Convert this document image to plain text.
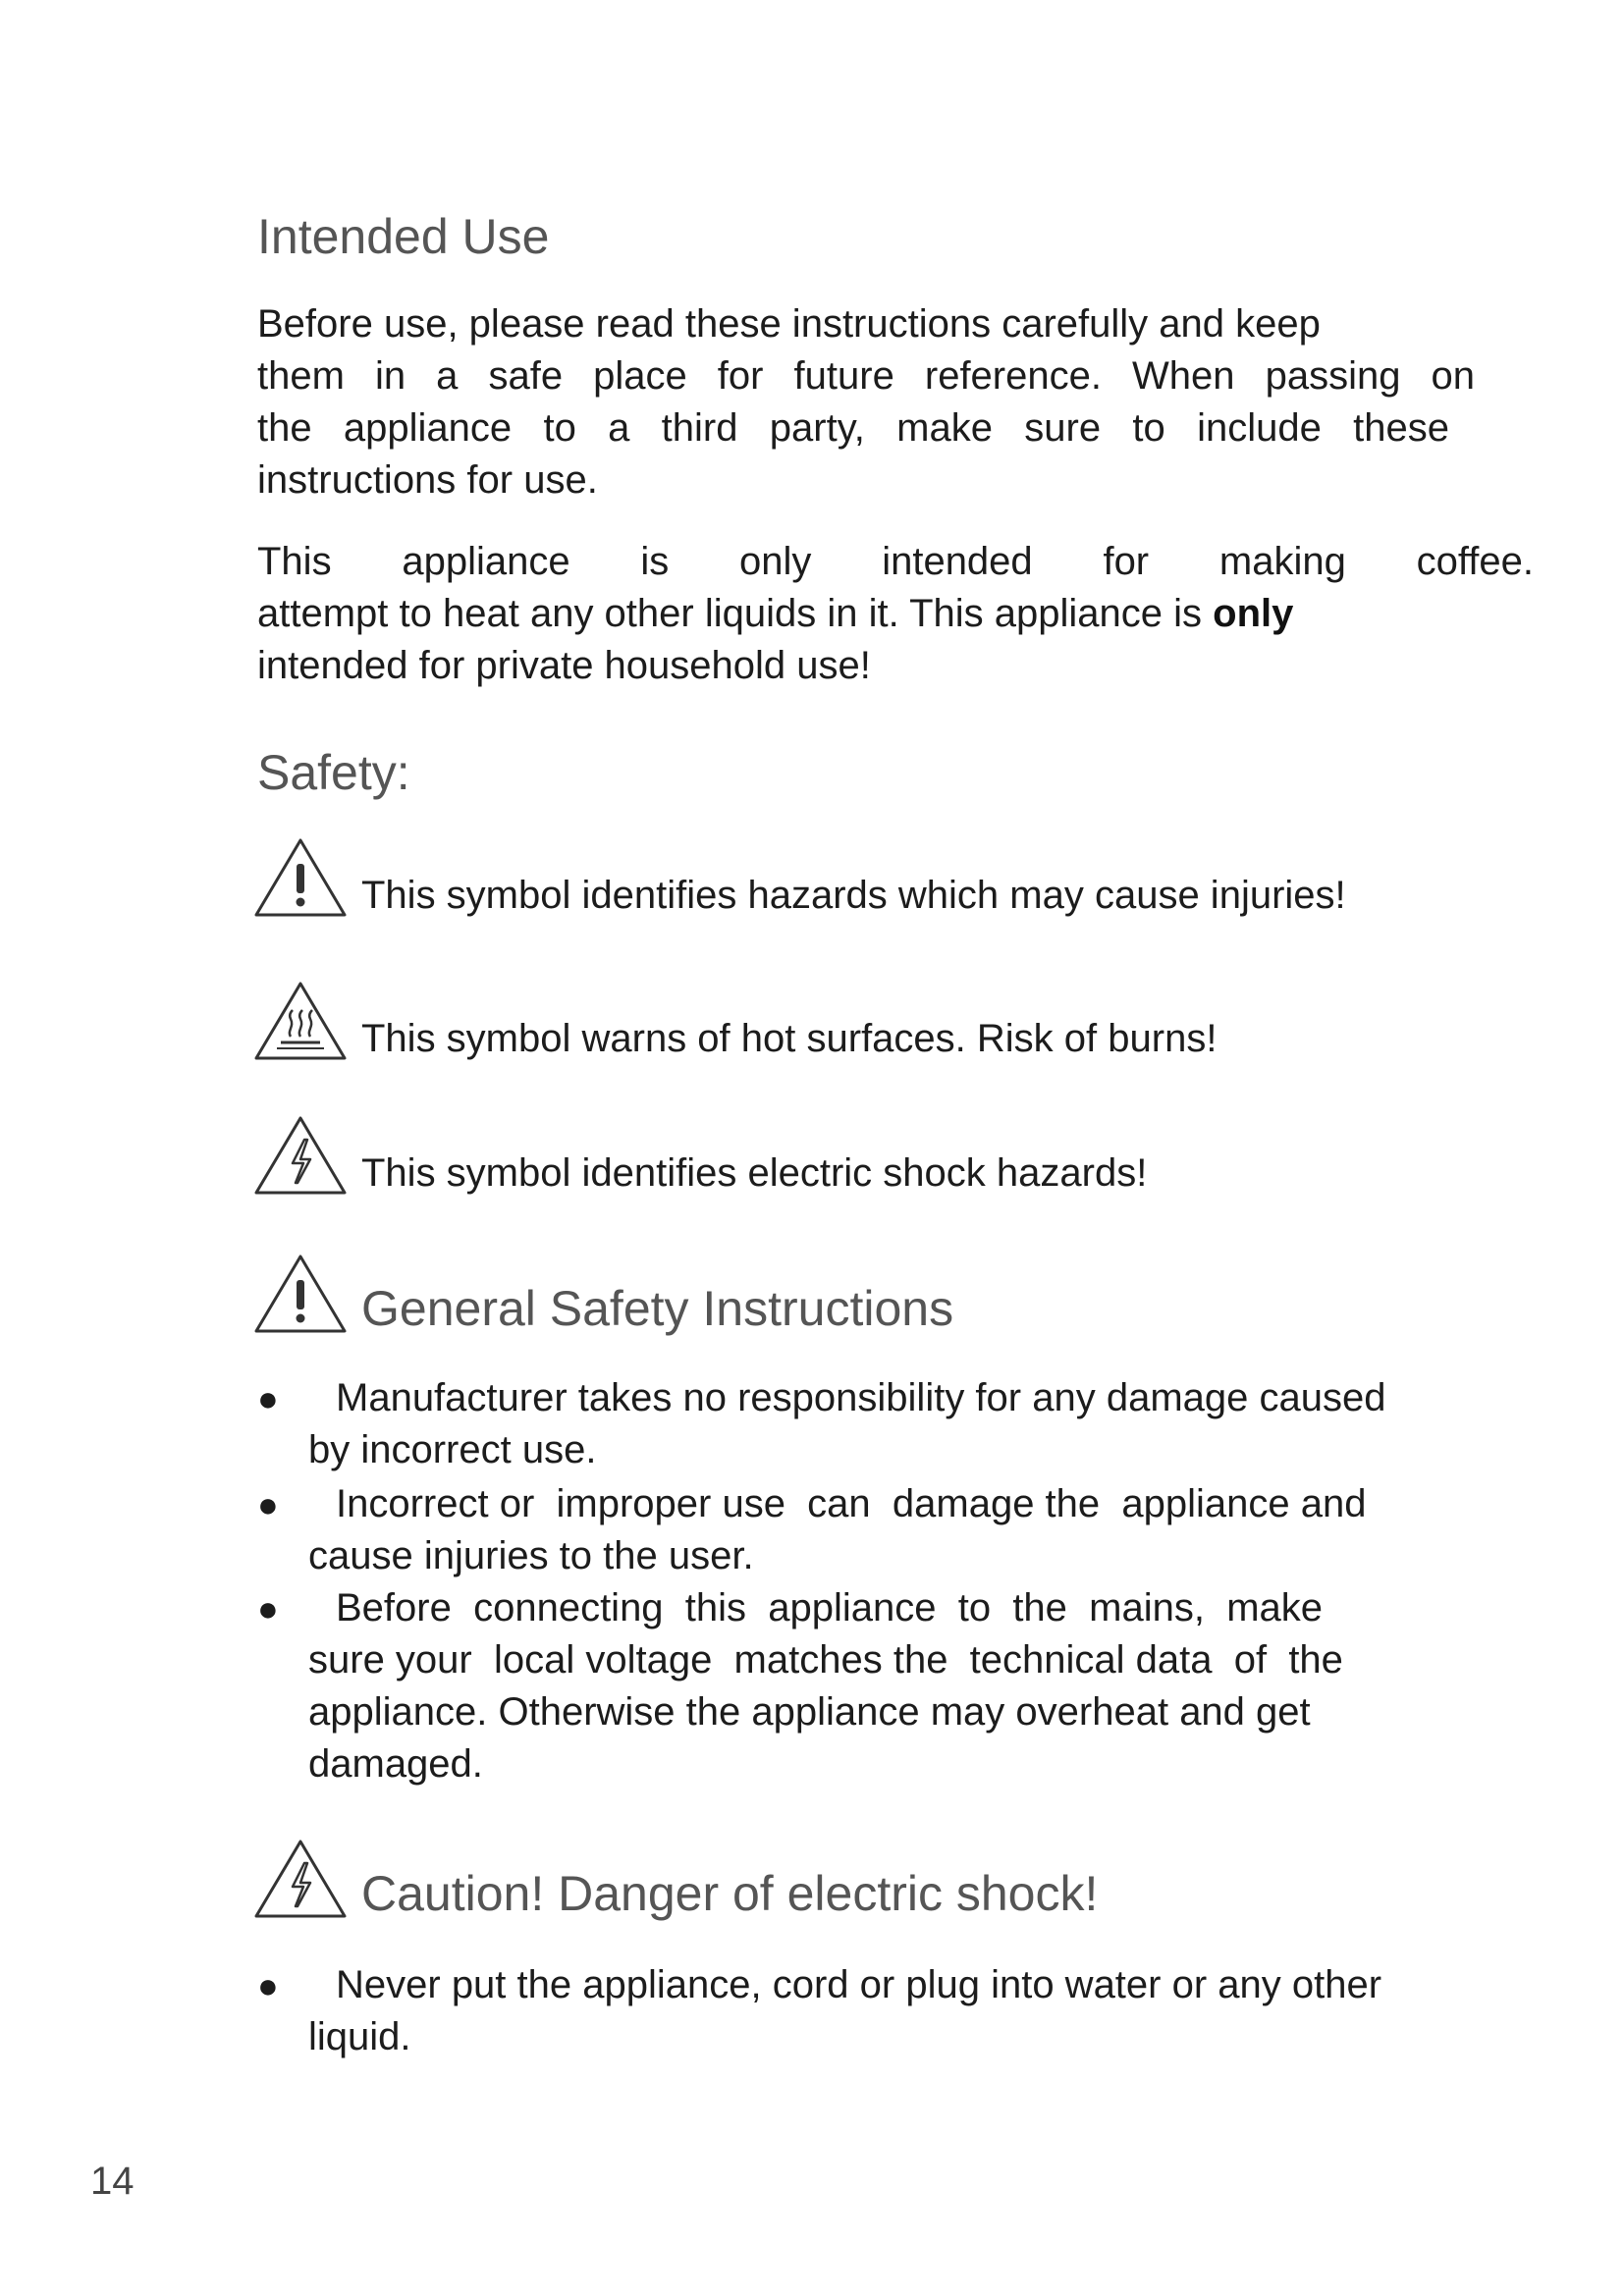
Intended Use
Before use, please read these instructions carefully and keep
them in a safe place for future reference. When passing on
the appliance to a third party, make sure to include these
instructions for use.
This appliance is only intended for making coffee.
attempt to heat any other liquids in it. This appliance is only
intended for private household use!
Safety:
This symbol identifies hazards which may cause injuries!
This symbol warns of hot surfaces. Risk of burns!
This symbol identifies electric shock hazards!
General Safety Instructions
●	Manufacturer takes no responsibility for any damage caused
by incorrect use.
●	Incorrect or  improper use  can  damage the  appliance and
cause injuries to the user.
●	Before  connecting  this  appliance  to  the  mains,  make
sure your  local voltage  matches the  technical data  of  the
appliance. Otherwise the appliance may overheat and get
damaged.
Caution! Danger of electric shock!
●	Never put the appliance, cord or plug into water or any other
liquid.
14
